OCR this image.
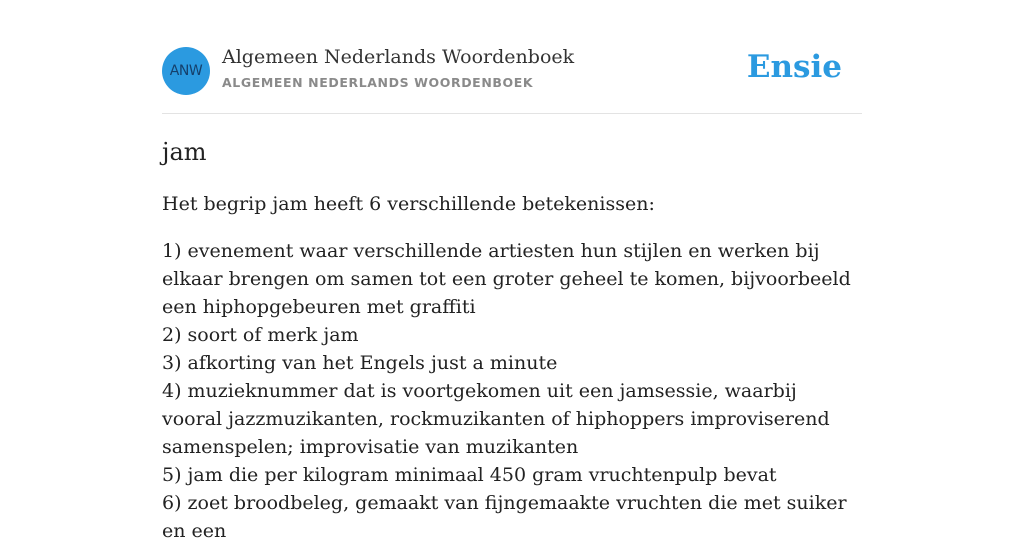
ANW
Algemeen Nederlands Woordenboek
ALGEMEEN NEDERLANDS WOORDENBOEK	Ensie
jam

Het begrip jam heeft 6 verschillende betekenissen:

1) evenement waar verschillende artiesten hun stijlen en werken bij elkaar brengen om samen tot een groter geheel te komen, bijvoorbeeld een hiphopgebeuren met graffiti
2) soort of merk jam
3) afkorting van het Engels just a minute
4) muzieknummer dat is voortgekomen uit een jamsessie, waarbij vooral jazzmuzikanten, rockmuzikanten of hiphoppers improviserend samenspelen; improvisatie van muzikanten
5) jam die per kilogram minimaal 450 gram vruchtenpulp bevat
6) zoet broodbeleg, gemaakt van fijngemaakte vruchten die met suiker en een
